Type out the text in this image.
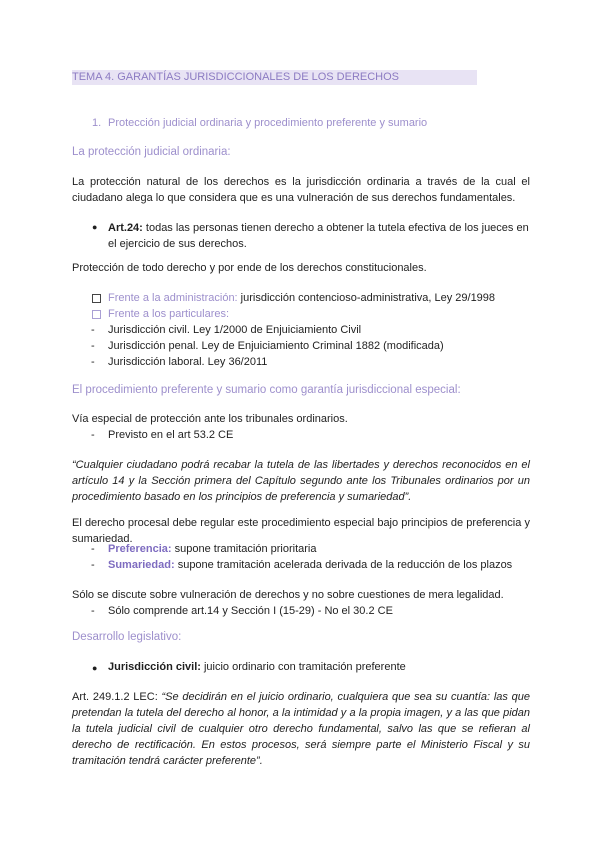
TEMA 4. GARANTÍAS JURISDICCIONALES DE LOS DERECHOS
1. Protección judicial ordinaria y procedimiento preferente y sumario
La protección judicial ordinaria:
La protección natural de los derechos es la jurisdicción ordinaria a través de la cual el ciudadano alega lo que considera que es una vulneración de sus derechos fundamentales.
● Art.24: todas las personas tienen derecho a obtener la tutela efectiva de los jueces en el ejercicio de sus derechos.
Protección de todo derecho y por ende de los derechos constitucionales.
Frente a la administración: jurisdicción contencioso-administrativa, Ley 29/1998
Frente a los particulares:
- Jurisdicción civil. Ley 1/2000 de Enjuiciamiento Civil
- Jurisdicción penal. Ley de Enjuiciamiento Criminal 1882 (modificada)
- Jurisdicción laboral. Ley 36/2011
El procedimiento preferente y sumario como garantía jurisdiccional especial:
Vía especial de protección ante los tribunales ordinarios.
- Previsto en el art 53.2 CE
“Cualquier ciudadano podrá recabar la tutela de las libertades y derechos reconocidos en el artículo 14 y la Sección primera del Capítulo segundo ante los Tribunales ordinarios por un procedimiento basado en los principios de preferencia y sumariedad”.
El derecho procesal debe regular este procedimiento especial bajo principios de preferencia y sumariedad.
- Preferencia: supone tramitación prioritaria
- Sumariedad: supone tramitación acelerada derivada de la reducción de los plazos
Sólo se discute sobre vulneración de derechos y no sobre cuestiones de mera legalidad.
- Sólo comprende art.14 y Sección I (15-29) - No el 30.2 CE
Desarrollo legislativo:
● Jurisdicción civil: juicio ordinario con tramitación preferente
Art. 249.1.2 LEC: “Se decidirán en el juicio ordinario, cualquiera que sea su cuantía: las que pretendan la tutela del derecho al honor, a la intimidad y a la propia imagen, y a las que pidan la tutela judicial civil de cualquier otro derecho fundamental, salvo las que se refieran al derecho de rectificación. En estos procesos, será siempre parte el Ministerio Fiscal y su tramitación tendrá carácter preferente”.
